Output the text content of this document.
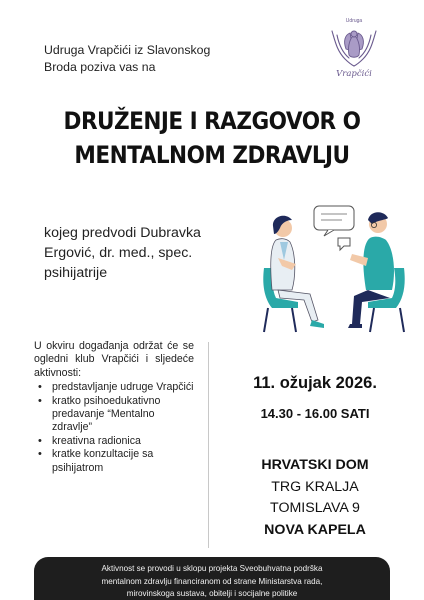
Udruga Vrapčići iz Slavonskog
Broda poziva vas na
Udruga
Vrapčići
DRUŽENJE I RAZGOVOR O
MENTALNOM ZDRAVLJU
kojeg predvodi Dubravka
Ergović, dr. med., spec.
psihijatrije

U okviru događanja održat će se ogledni klub Vrapčići i sljedeće aktivnosti:

• predstavljanje udruge Vrapčići
• kratko psihoedukativno predavanje “Mentalno zdravlje”
• kreativna radionica
• kratke konzultacije sa psihijatrom
11. ožujak 2026.
14.30 - 16.00 SATI
HRVATSKI DOM
TRG KRALJA
TOMISLAVA 9
NOVA KAPELA
Aktivnost se provodi u sklopu projekta Sveobuhvatna podrška
mentalnom zdravlju financiranom od strane Ministarstva rada,
mirovinskoga sustava, obitelji i socijalne politike
